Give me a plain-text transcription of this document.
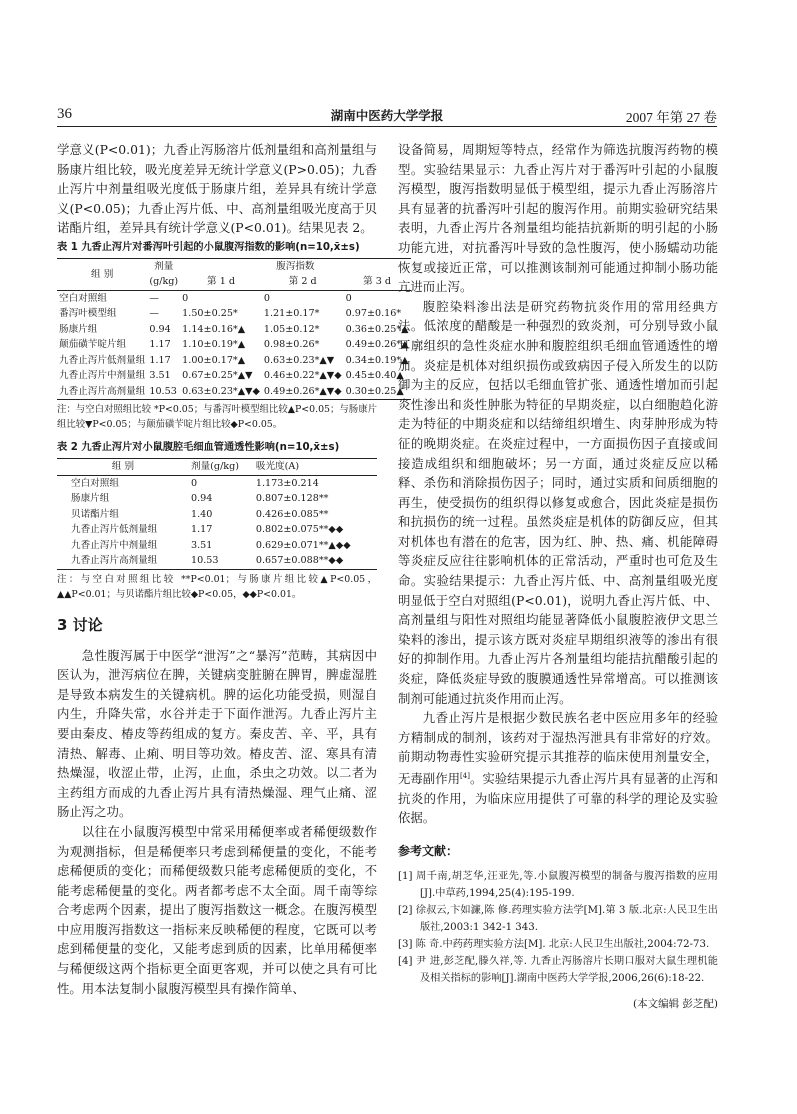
36	湖南中医药大学学报	2007 年第 27 卷

学意义(P<0.01)；九香止泻肠溶片低剂量组和高剂量组与肠康片组比较，吸光度差异无统计学意义(P>0.05)；九香止泻片中剂量组吸光度低于肠康片组，差异具有统计学意义(P<0.05)；九香止泻片低、中、高剂量组吸光度高于贝诺酯片组，差异具有统计学意义(P<0.01)。结果见表 2。

表 1 九香止泻片对番泻叶引起的小鼠腹泻指数的影响(n=10,x̄±s)
组 别	剂量	腹泻指数		
	(g/kg)	第 1 d	第 2 d	第 3 d
空白对照组	—	0	0	0
番泻叶模型组	—	1.50±0.25*	1.21±0.17*	0.97±0.16*
肠康片组	0.94	1.14±0.16*▲	1.05±0.12*	0.36±0.25*▲
颠茄磺苄啶片组	1.17	1.10±0.19*▲	0.98±0.26*	0.49±0.26*▲
九香止泻片低剂量组	1.17	1.00±0.17*▲	0.63±0.23*▲▼	0.34±0.19*▲
九香止泻片中剂量组	3.51	0.67±0.25*▲▼	0.46±0.22*▲▼◆	0.45±0.40▲
九香止泻片高剂量组	10.53	0.63±0.23*▲▼◆	0.49±0.26*▲▼◆	0.30±0.25▲
注：与空白对照组比较 *P<0.05；与番泻叶模型组比较▲P<0.05；与肠康片组比较▼P<0.05；与颠茄磺苄啶片组比较◆P<0.05。
表 2 九香止泻片对小鼠腹腔毛细血管通透性影响(n=10,x̄±s)
组 别	剂量(g/kg)	吸光度(A)
空白对照组	0	1.173±0.214
肠康片组	0.94	0.807±0.128**
贝诺酯片组	1.40	0.426±0.085**
九香止泻片低剂量组	1.17	0.802±0.075**◆◆
九香止泻片中剂量组	3.51	0.629±0.071**▲◆◆
九香止泻片高剂量组	10.53	0.657±0.088**◆◆
注：与空白对照组比较 **P<0.01；与肠康片组比较▲P<0.05，▲▲P<0.01；与贝诺酯片组比较◆P<0.05，◆◆P<0.01。
3 讨论

急性腹泻属于中医学“泄泻”之“暴泻”范畴，其病因中医认为，泄泻病位在脾，关键病变脏腑在脾胃，脾虚湿胜是导致本病发生的关键病机。脾的运化功能受损，则湿自内生，升降失常，水谷并走于下面作泄泻。九香止泻片主要由秦皮、椿皮等药组成的复方。秦皮苦、辛、平，具有清热、解毒、止痢、明目等功效。椿皮苦、涩、寒具有清热燥湿，收涩止带，止泻，止血，杀虫之功效。以二者为主药组方而成的九香止泻片具有清热燥湿、理气止痛、涩肠止泻之功。

以往在小鼠腹泻模型中常采用稀便率或者稀便级数作为观测指标，但是稀便率只考虑到稀便量的变化，不能考虑稀便质的变化；而稀便级数只能考虑稀便质的变化，不能考虑稀便量的变化。两者都考虑不太全面。周千南等综合考虑两个因素，提出了腹泻指数这一概念。在腹泻模型中应用腹泻指数这一指标来反映稀便的程度，它既可以考虑到稀便量的变化，又能考虑到质的因素，比单用稀便率与稀便级这两个指标更全面更客观，并可以使之具有可比性。用本法复制小鼠腹泻模型具有操作简单、

设备简易，周期短等特点，经常作为筛选抗腹泻药物的模型。实验结果显示：九香止泻片对于番泻叶引起的小鼠腹泻模型，腹泻指数明显低于模型组，提示九香止泻肠溶片具有显著的抗番泻叶引起的腹泻作用。前期实验研究结果表明，九香止泻片各剂量组均能拮抗新斯的明引起的小肠功能亢进，对抗番泻叶导致的急性腹泻，使小肠蠕动功能恢复或接近正常，可以推测该制剂可能通过抑制小肠功能亢进而止泻。

腹腔染料渗出法是研究药物抗炎作用的常用经典方法。低浓度的醋酸是一种强烈的致炎剂，可分别导致小鼠耳廓组织的急性炎症水肿和腹腔组织毛细血管通透性的增加。炎症是机体对组织损伤或致病因子侵入所发生的以防御为主的反应，包括以毛细血管扩张、通透性增加而引起炎性渗出和炎性肿胀为特征的早期炎症，以白细胞趋化游走为特征的中期炎症和以结缔组织增生、肉芽肿形成为特征的晚期炎症。在炎症过程中，一方面损伤因子直接或间接造成组织和细胞破坏；另一方面，通过炎症反应以稀释、杀伤和消除损伤因子；同时，通过实质和间质细胞的再生，使受损伤的组织得以修复或愈合，因此炎症是损伤和抗损伤的统一过程。虽然炎症是机体的防御反应，但其对机体也有潜在的危害，因为红、肿、热、痛、机能障碍等炎症反应往往影响机体的正常活动，严重时也可危及生命。实验结果提示：九香止泻片低、中、高剂量组吸光度明显低于空白对照组(P<0.01)，说明九香止泻片低、中、高剂量组与阳性对照组均能显著降低小鼠腹腔液伊文思兰染料的渗出，提示该方既对炎症早期组织液等的渗出有很好的抑制作用。九香止泻片各剂量组均能拮抗醋酸引起的炎症，降低炎症导致的腹膜通透性异常增高。可以推测该制剂可能通过抗炎作用而止泻。

九香止泻片是根据少数民族名老中医应用多年的经验方精制成的制剂，该药对于湿热泻泄具有非常好的疗效。前期动物毒性实验研究提示其推荐的临床使用剂量安全，无毒副作用[4]。实验结果提示九香止泻片具有显著的止泻和抗炎的作用，为临床应用提供了可靠的科学的理论及实验依据。

参考文献：

[1] 周千南,胡芝华,汪亚先,等.小鼠腹泻模型的制备与腹泻指数的应用[J].中草药,1994,25(4):195-199.

[2] 徐叔云,卞如濂,陈 修.药理实验方法学[M].第 3 版.北京:人民卫生出版社,2003:1 342-1 343.

[3] 陈 奇.中药药理实验方法[M]. 北京:人民卫生出版社,2004:72-73.

[4] 尹 进,彭芝配,滕久祥,等. 九香止泻肠溶片长期口服对大鼠生理机能及相关指标的影响[J].湖南中医药大学学报,2006,26(6):18-22.

(本文编辑 彭芝配)
